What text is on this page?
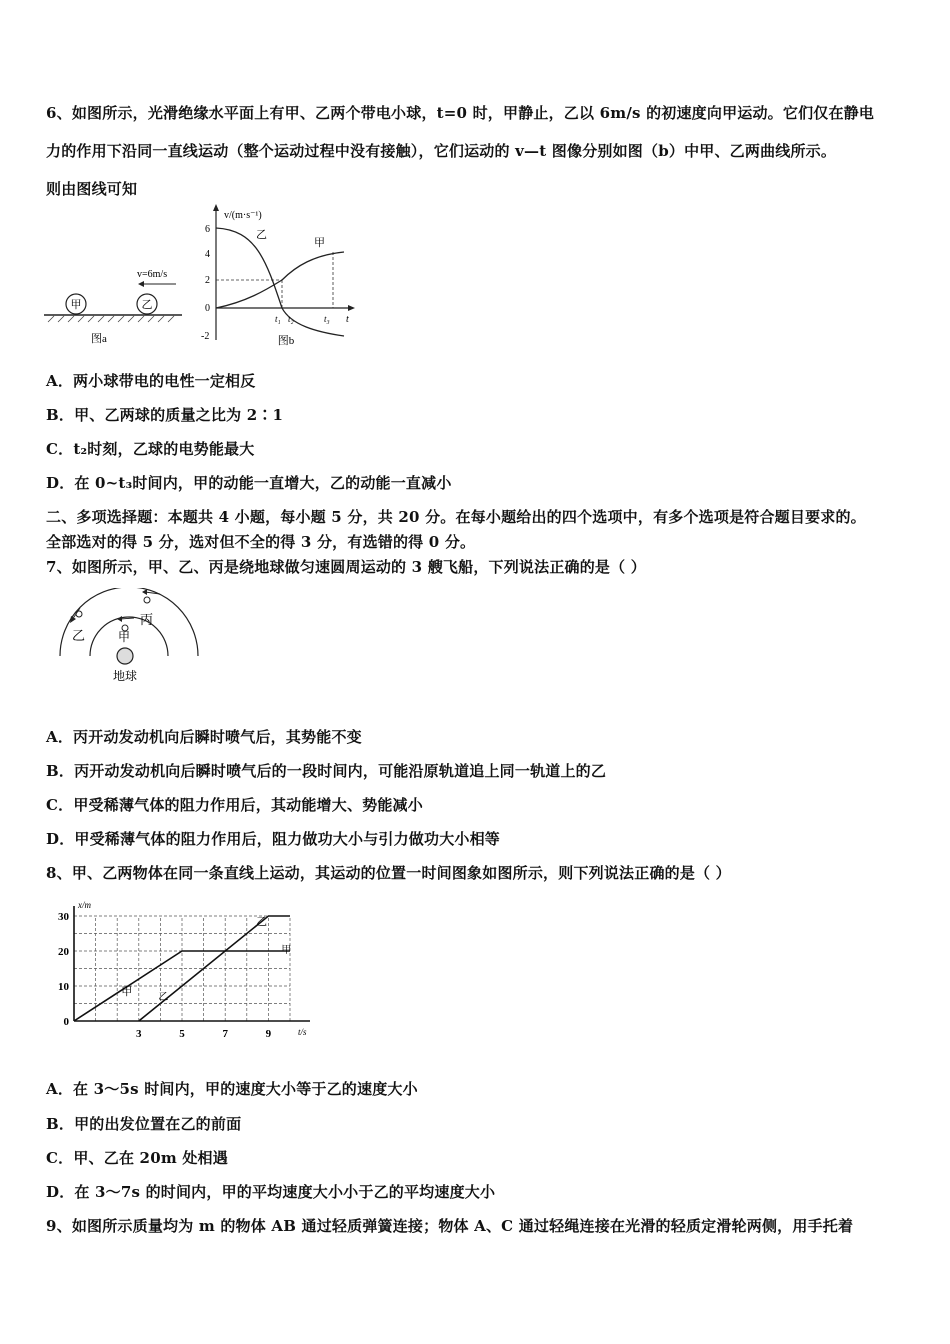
6、如图所示，光滑绝缘水平面上有甲、乙两个带电小球，t=0 时，甲静止，乙以 6m/s 的初速度向甲运动。它们仅在静电
力的作用下沿同一直线运动（整个运动过程中没有接触），它们运动的 v—t 图像分别如图（b）中甲、乙两曲线所示。
则由图线可知
甲	乙
v=6m/s
图a
v/(m·s⁻¹)
6
4
2
0
-2
乙
甲
t₁ t₂	t₃ t
图b
A．两小球带电的电性一定相反
B．甲、乙两球的质量之比为 2∶1
C．t₂时刻，乙球的电势能最大
D．在 0~t₃时间内，甲的动能一直增大，乙的动能一直减小
二、多项选择题：本题共 4 小题，每小题 5 分，共 20 分。在每小题给出的四个选项中，有多个选项是符合题目要求的。
全部选对的得 5 分，选对但不全的得 3 分，有选错的得 0 分。
7、如图所示，甲、乙、丙是绕地球做匀速圆周运动的 3 艘飞船，下列说法正确的是（ ）
乙	甲
丙
地球
A．丙开动发动机向后瞬时喷气后，其势能不变
B．丙开动发动机向后瞬时喷气后的一段时间内，可能沿原轨道追上同一轨道上的乙
C．甲受稀薄气体的阻力作用后，其动能增大、势能减小
D．甲受稀薄气体的阻力作用后，阻力做功大小与引力做功大小相等
8、甲、乙两物体在同一条直线上运动，其运动的位置一时间图象如图所示，则下列说法正确的是（ ）
甲
乙
甲
乙
0
10
20
30
3	5	7	9	t/s
x/m
A．在 3～5s 时间内，甲的速度大小等于乙的速度大小
B．甲的出发位置在乙的前面
C．甲、乙在 20m 处相遇
D．在 3～7s 的时间内，甲的平均速度大小小于乙的平均速度大小
9、如图所示质量均为 m 的物体 AB 通过轻质弹簧连接；物体 A、C 通过轻绳连接在光滑的轻质定滑轮两侧，用手托着
